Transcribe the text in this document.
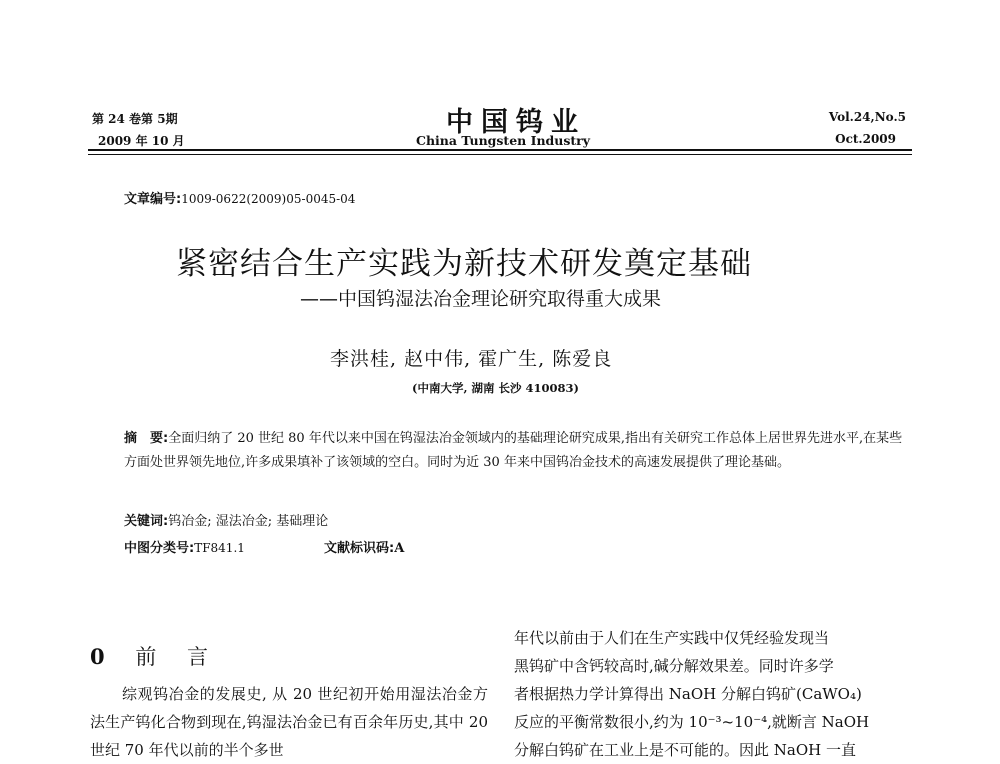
第 24 卷第 5期
2009 年 10 月
中国钨业
China Tungsten Industry
Vol.24,No.5
Oct.2009
文章编号:1009-0622(2009)05-0045-04
紧密结合生产实践为新技术研发奠定基础
——中国钨湿法冶金理论研究取得重大成果
李洪桂, 赵中伟, 霍广生, 陈爱良
(中南大学, 湖南 长沙 410083)
摘　要:全面归纳了 20 世纪 80 年代以来中国在钨湿法冶金领域内的基础理论研究成果,指出有关研究工作总体上居世界先进水平,在某些方面处世界领先地位,许多成果填补了该领域的空白。同时为近 30 年来中国钨冶金技术的高速发展提供了理论基础。
关键词:钨冶金; 湿法冶金; 基础理论
中图分类号:TF841.1	文献标识码:A
0 前 言
综观钨冶金的发展史, 从 20 世纪初开始用湿法冶金方法生产钨化合物到现在,钨湿法冶金已有百余年历史,其中 20 世纪 70 年代以前的半个多世
年代以前由于人们在生产实践中仅凭经验发现当
黑钨矿中含钙较高时,碱分解效果差。同时许多学
者根据热力学计算得出 NaOH 分解白钨矿(CaWO₄)
反应的平衡常数很小,约为 10⁻³~10⁻⁴,就断言 NaOH
分解白钨矿在工业上是不可能的。因此 NaOH 一直
